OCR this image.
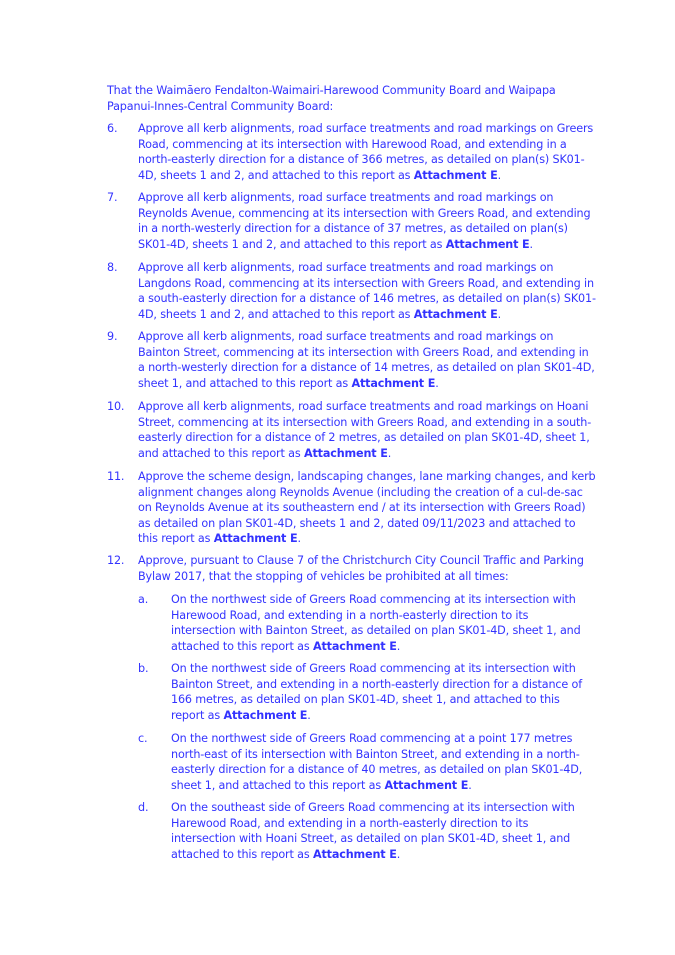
That the Waimāero Fendalton-Waimairi-Harewood Community Board and Waipapa Papanui-Innes-Central Community Board:
6. Approve all kerb alignments, road surface treatments and road markings on Greers Road, commencing at its intersection with Harewood Road, and extending in a north-easterly direction for a distance of 366 metres, as detailed on plan(s) SK01-4D, sheets 1 and 2, and attached to this report as Attachment E.
7. Approve all kerb alignments, road surface treatments and road markings on Reynolds Avenue, commencing at its intersection with Greers Road, and extending in a north-westerly direction for a distance of 37 metres, as detailed on plan(s) SK01-4D, sheets 1 and 2, and attached to this report as Attachment E.
8. Approve all kerb alignments, road surface treatments and road markings on Langdons Road, commencing at its intersection with Greers Road, and extending in a south-easterly direction for a distance of 146 metres, as detailed on plan(s) SK01-4D, sheets 1 and 2, and attached to this report as Attachment E.
9. Approve all kerb alignments, road surface treatments and road markings on Bainton Street, commencing at its intersection with Greers Road, and extending in a north-westerly direction for a distance of 14 metres, as detailed on plan SK01-4D, sheet 1, and attached to this report as Attachment E.
10. Approve all kerb alignments, road surface treatments and road markings on Hoani Street, commencing at its intersection with Greers Road, and extending in a south-easterly direction for a distance of 2 metres, as detailed on plan SK01-4D, sheet 1, and attached to this report as Attachment E.
11. Approve the scheme design, landscaping changes, lane marking changes, and kerb alignment changes along Reynolds Avenue (including the creation of a cul-de-sac on Reynolds Avenue at its southeastern end / at its intersection with Greers Road) as detailed on plan SK01-4D, sheets 1 and 2, dated 09/11/2023 and attached to this report as Attachment E.
12. Approve, pursuant to Clause 7 of the Christchurch City Council Traffic and Parking Bylaw 2017, that the stopping of vehicles be prohibited at all times:
a. On the northwest side of Greers Road commencing at its intersection with Harewood Road, and extending in a north-easterly direction to its intersection with Bainton Street, as detailed on plan SK01-4D, sheet 1, and attached to this report as Attachment E.
b. On the northwest side of Greers Road commencing at its intersection with Bainton Street, and extending in a north-easterly direction for a distance of 166 metres, as detailed on plan SK01-4D, sheet 1, and attached to this report as Attachment E.
c. On the northwest side of Greers Road commencing at a point 177 metres north-east of its intersection with Bainton Street, and extending in a north-easterly direction for a distance of 40 metres, as detailed on plan SK01-4D, sheet 1, and attached to this report as Attachment E.
d. On the southeast side of Greers Road commencing at its intersection with Harewood Road, and extending in a north-easterly direction to its intersection with Hoani Street, as detailed on plan SK01-4D, sheet 1, and attached to this report as Attachment E.
